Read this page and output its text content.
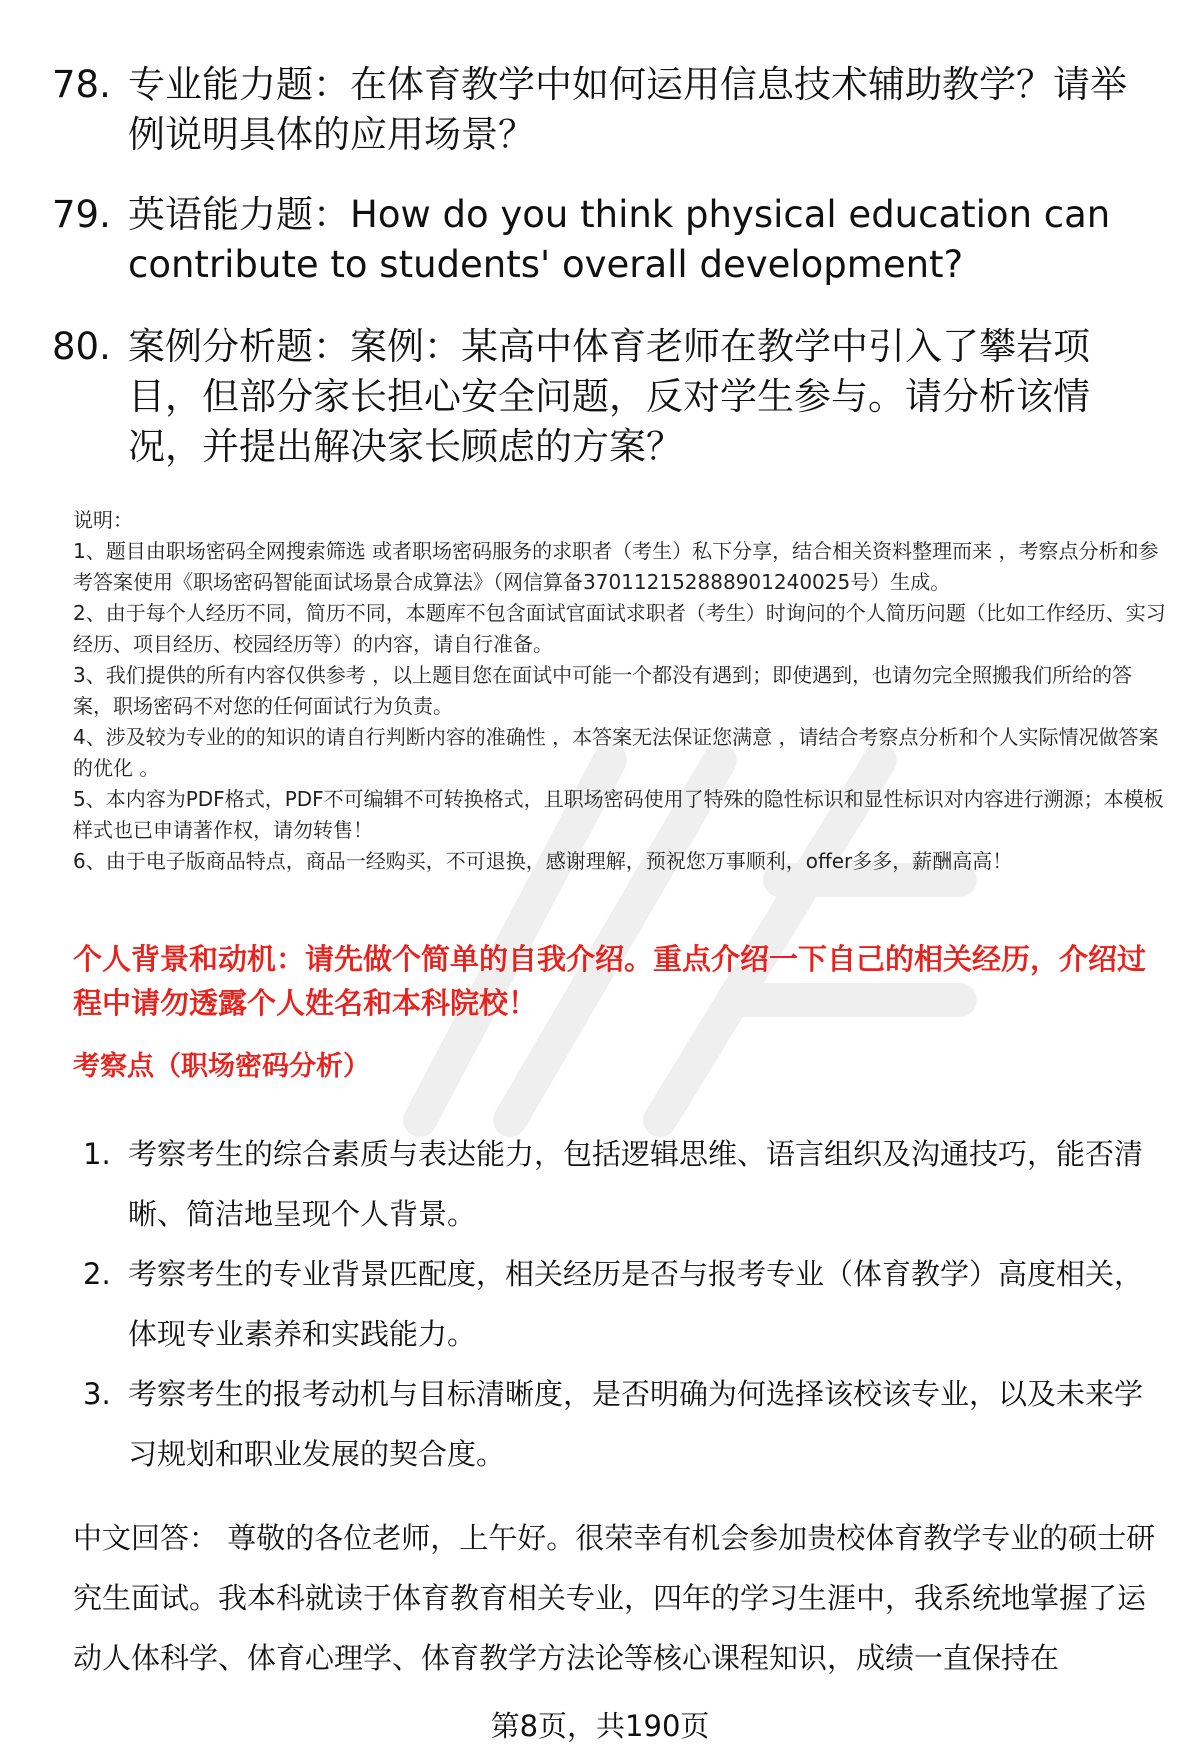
78. 专业能力题：在体育教学中如何运用信息技术辅助教学？请举例说明具体的应用场景？
79. 英语能力题：How do you think physical education can contribute to students' overall development?
80. 案例分析题：案例：某高中体育老师在教学中引入了攀岩项目，但部分家长担心安全问题，反对学生参与。请分析该情况，并提出解决家长顾虑的方案？

说明：

1、题目由职场密码全网搜索筛选 或者职场密码服务的求职者（考生）私下分享，结合相关资料整理而来 ，考察点分析和参考答案使用《职场密码智能面试场景合成算法》（网信算备370112152888901240025号）生成。

2、由于每个人经历不同，简历不同，本题库不包含面试官面试求职者（考生）时询问的个人简历问题（比如工作经历、实习经历、项目经历、校园经历等）的内容，请自行准备。

3、我们提供的所有内容仅供参考 ，以上题目您在面试中可能一个都没有遇到；即使遇到，也请勿完全照搬我们所给的答案，职场密码不对您的任何面试行为负责。

4、涉及较为专业的的知识的请自行判断内容的准确性 ，本答案无法保证您满意 ，请结合考察点分析和个人实际情况做答案的优化 。

5、本内容为PDF格式，PDF不可编辑不可转换格式，且职场密码使用了特殊的隐性标识和显性标识对内容进行溯源；本模板样式也已申请著作权，请勿转售！

6、由于电子版商品特点，商品一经购买，不可退换，感谢理解，预祝您万事顺利，offer多多，薪酬高高！

个人背景和动机：请先做个简单的自我介绍。重点介绍一下自己的相关经历，介绍过程中请勿透露个人姓名和本科院校！
考察点（职场密码分析）
1. 考察考生的综合素质与表达能力，包括逻辑思维、语言组织及沟通技巧，能否清晰、简洁地呈现个人背景。
2. 考察考生的专业背景匹配度，相关经历是否与报考专业（体育教学）高度相关，体现专业素养和实践能力。
3. 考察考生的报考动机与目标清晰度，是否明确为何选择该校该专业，以及未来学习规划和职业发展的契合度。
中文回答： 尊敬的各位老师，上午好。很荣幸有机会参加贵校体育教学专业的硕士研究生面试。我本科就读于体育教育相关专业，四年的学习生涯中，我系统地掌握了运动人体科学、体育心理学、体育教学方法论等核心课程知识，成绩一直保持在
第8页，共190页
